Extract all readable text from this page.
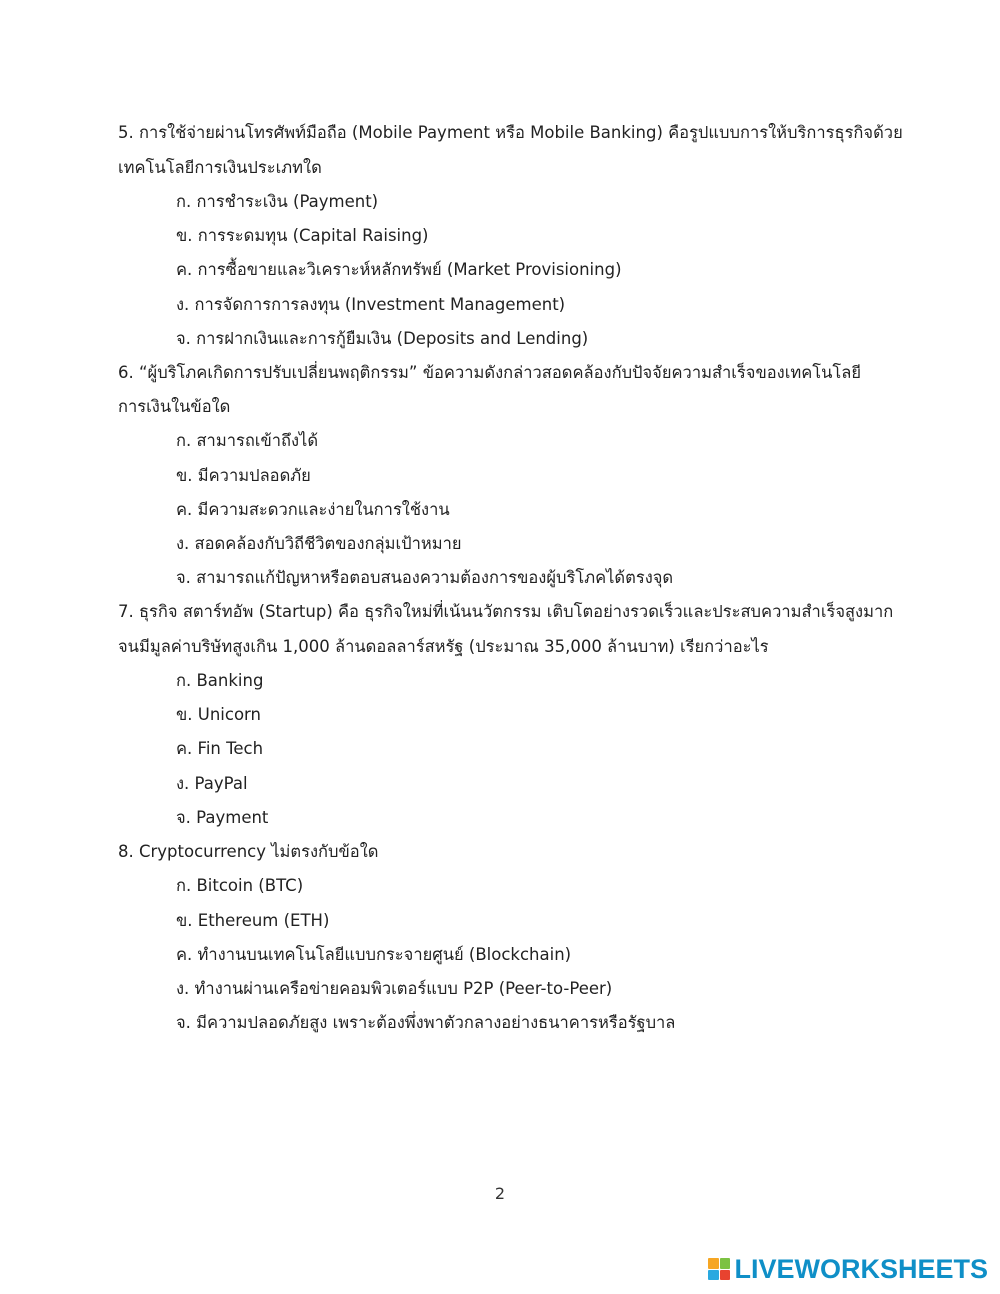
5. การใช้จ่ายผ่านโทรศัพท์มือถือ (Mobile Payment หรือ Mobile Banking) คือรูปแบบการให้บริการธุรกิจด้วย
เทคโนโลยีการเงินประเภทใด
ก. การชำระเงิน (Payment)
ข. การระดมทุน (Capital Raising)
ค. การซื้อขายและวิเคราะห์หลักทรัพย์ (Market Provisioning)
ง. การจัดการการลงทุน (Investment Management)
จ. การฝากเงินและการกู้ยืมเงิน (Deposits and Lending)
6. “ผู้บริโภคเกิดการปรับเปลี่ยนพฤติกรรม” ข้อความดังกล่าวสอดคล้องกับปัจจัยความสำเร็จของเทคโนโลยี
การเงินในข้อใด
ก. สามารถเข้าถึงได้
ข. มีความปลอดภัย
ค. มีความสะดวกและง่ายในการใช้งาน
ง. สอดคล้องกับวิถีชีวิตของกลุ่มเป้าหมาย
จ. สามารถแก้ปัญหาหรือตอบสนองความต้องการของผู้บริโภคได้ตรงจุด
7. ธุรกิจ สตาร์ทอัพ (Startup) คือ ธุรกิจใหม่ที่เน้นนวัตกรรม เติบโตอย่างรวดเร็วและประสบความสำเร็จสูงมาก
จนมีมูลค่าบริษัทสูงเกิน 1,000 ล้านดอลลาร์สหรัฐ (ประมาณ 35,000 ล้านบาท) เรียกว่าอะไร
ก. Banking
ข. Unicorn
ค. Fin Tech
ง. PayPal
จ. Payment
8. Cryptocurrency ไม่ตรงกับข้อใด
ก. Bitcoin (BTC)
ข. Ethereum (ETH)
ค. ทำงานบนเทคโนโลยีแบบกระจายศูนย์ (Blockchain)
ง. ทำงานผ่านเครือข่ายคอมพิวเตอร์แบบ P2P (Peer-to-Peer)
จ. มีความปลอดภัยสูง เพราะต้องพึ่งพาตัวกลางอย่างธนาคารหรือรัฐบาล
2
LIVEWORKSHEETS
